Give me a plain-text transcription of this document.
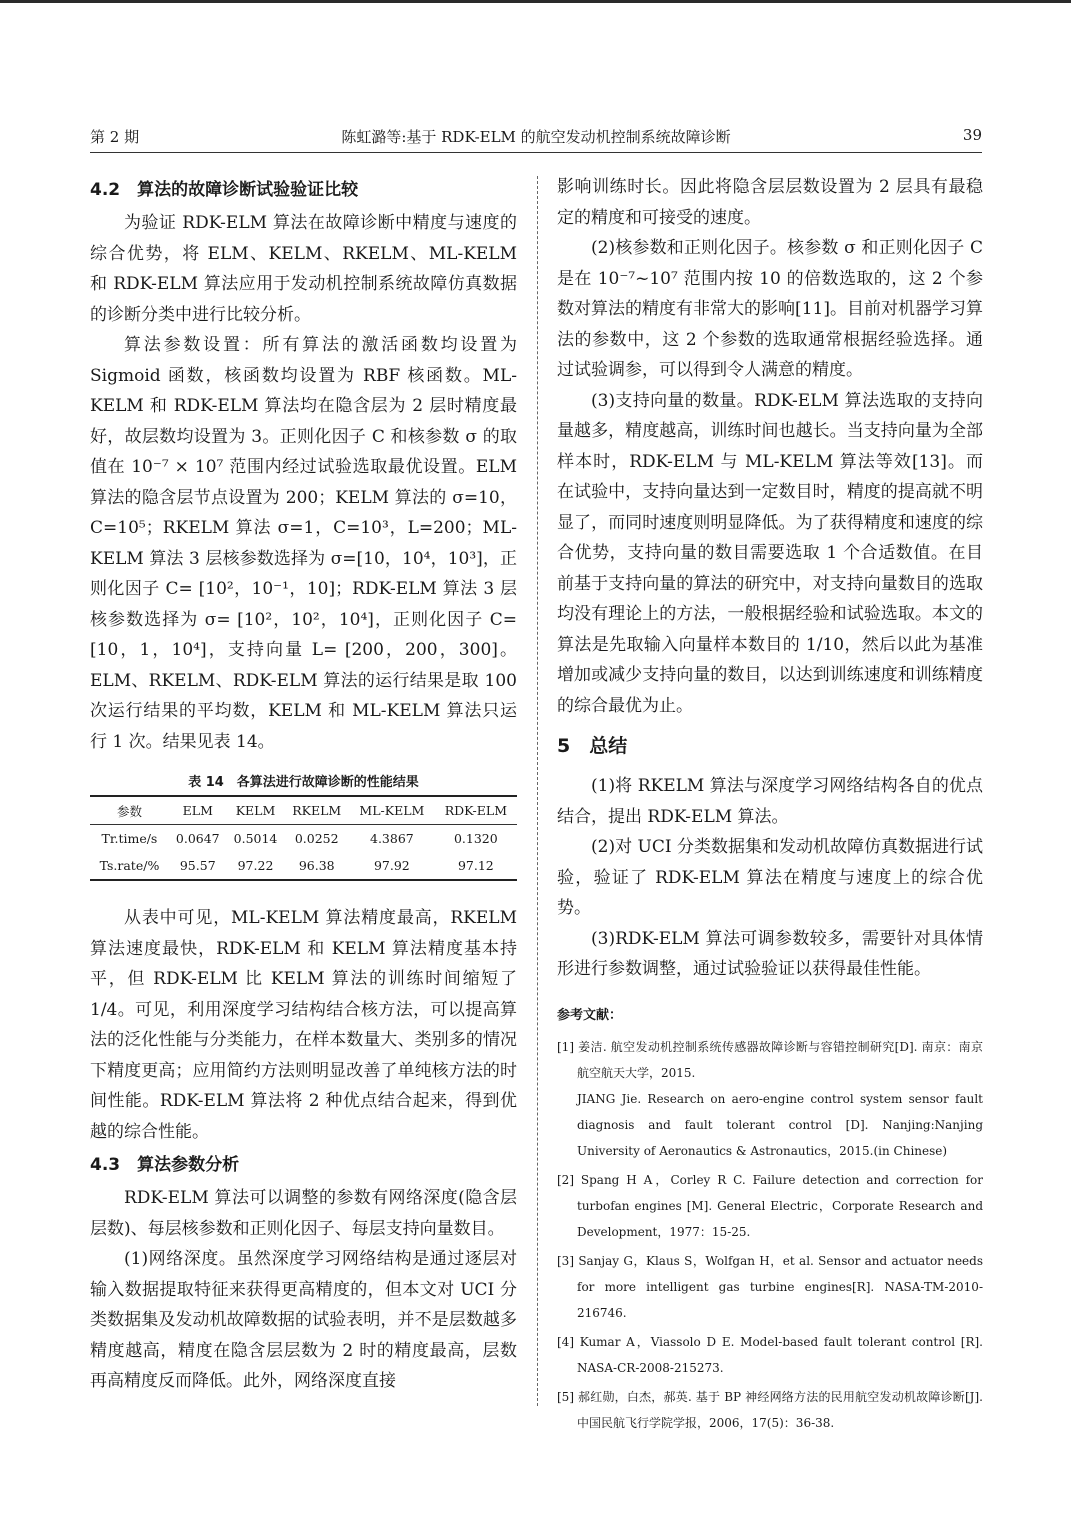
第 2 期	陈虹潞等:基于 RDK-ELM 的航空发动机控制系统故障诊断	39
4.2　算法的故障诊断试验验证比较
为验证 RDK-ELM 算法在故障诊断中精度与速度的综合优势，将 ELM、KELM、RKELM、ML-KELM 和 RDK-ELM 算法应用于发动机控制系统故障仿真数据的诊断分类中进行比较分析。
算法参数设置：所有算法的激活函数均设置为 Sigmoid 函数，核函数均设置为 RBF 核函数。ML-KELM 和 RDK-ELM 算法均在隐含层为 2 层时精度最好，故层数均设置为 3。正则化因子 C 和核参数 σ 的取值在 10⁻⁷ × 10⁷ 范围内经过试验选取最优设置。ELM 算法的隐含层节点设置为 200；KELM 算法的 σ=10，C=10⁵；RKELM 算法 σ=1，C=10³，L=200；ML-KELM 算法 3 层核参数选择为 σ=[10，10⁴，10³]，正则化因子 C= [10²，10⁻¹，10]；RDK-ELM 算法 3 层核参数选择为 σ= [10²，10²，10⁴]，正则化因子 C= [10，1，10⁴]，支持向量 L= [200，200，300]。ELM、RKELM、RDK-ELM 算法的运行结果是取 100 次运行结果的平均数，KELM 和 ML-KELM 算法只运行 1 次。结果见表 14。
表 14　各算法进行故障诊断的性能结果
参数	ELM	KELM	RKELM	ML-KELM	RDK-ELM
Tr.time/s	0.0647	0.5014	0.0252	4.3867	0.1320
Ts.rate/%	95.57	97.22	96.38	97.92	97.12
从表中可见，ML-KELM 算法精度最高，RKELM 算法速度最快，RDK-ELM 和 KELM 算法精度基本持平，但 RDK-ELM 比 KELM 算法的训练时间缩短了 1/4。可见，利用深度学习结构结合核方法，可以提高算法的泛化性能与分类能力，在样本数量大、类别多的情况下精度更高；应用简约方法则明显改善了单纯核方法的时间性能。RDK-ELM 算法将 2 种优点结合起来，得到优越的综合性能。
4.3　算法参数分析
RDK-ELM 算法可以调整的参数有网络深度(隐含层层数)、每层核参数和正则化因子、每层支持向量数目。
(1)网络深度。虽然深度学习网络结构是通过逐层对输入数据提取特征来获得更高精度的，但本文对 UCI 分类数据集及发动机故障数据的试验表明，并不是层数越多精度越高，精度在隐含层层数为 2 时的精度最高，层数再高精度反而降低。此外，网络深度直接
影响训练时长。因此将隐含层层数设置为 2 层具有最稳定的精度和可接受的速度。
(2)核参数和正则化因子。核参数 σ 和正则化因子 C 是在 10⁻⁷~10⁷ 范围内按 10 的倍数选取的，这 2 个参数对算法的精度有非常大的影响[11]。目前对机器学习算法的参数中，这 2 个参数的选取通常根据经验选择。通过试验调参，可以得到令人满意的精度。
(3)支持向量的数量。RDK-ELM 算法选取的支持向量越多，精度越高，训练时间也越长。当支持向量为全部样本时，RDK-ELM 与 ML-KELM 算法等效[13]。而在试验中，支持向量达到一定数目时，精度的提高就不明显了，而同时速度则明显降低。为了获得精度和速度的综合优势，支持向量的数目需要选取 1 个合适数值。在目前基于支持向量的算法的研究中，对支持向量数目的选取均没有理论上的方法，一般根据经验和试验选取。本文的算法是先取输入向量样本数目的 1/10，然后以此为基准增加或减少支持向量的数目，以达到训练速度和训练精度的综合最优为止。
5　总结
(1)将 RKELM 算法与深度学习网络结构各自的优点结合，提出 RDK-ELM 算法。
(2)对 UCI 分类数据集和发动机故障仿真数据进行试验，验证了 RDK-ELM 算法在精度与速度上的综合优势。
(3)RDK-ELM 算法可调参数较多，需要针对具体情形进行参数调整，通过试验验证以获得最佳性能。
参考文献：
[1] 姜洁. 航空发动机控制系统传感器故障诊断与容错控制研究[D]. 南京：南京航空航天大学，2015.
JIANG Jie. Research on aero-engine control system sensor fault diagnosis and fault tolerant control [D]. Nanjing:Nanjing University of Aeronautics & Astronautics，2015.(in Chinese)
[2] Spang H A，Corley R C. Failure detection and correction for turbofan engines [M]. General Electric，Corporate Research and Development，1977：15-25.
[3] Sanjay G，Klaus S，Wolfgan H，et al. Sensor and actuator needs for more intelligent gas turbine engines[R]. NASA-TM-2010-216746.
[4] Kumar A，Viassolo D E. Model-based fault tolerant control [R]. NASA-CR-2008-215273.
[5] 郝红勋，白杰，郝英. 基于 BP 神经网络方法的民用航空发动机故障诊断[J]. 中国民航飞行学院学报，2006，17(5)：36-38.
